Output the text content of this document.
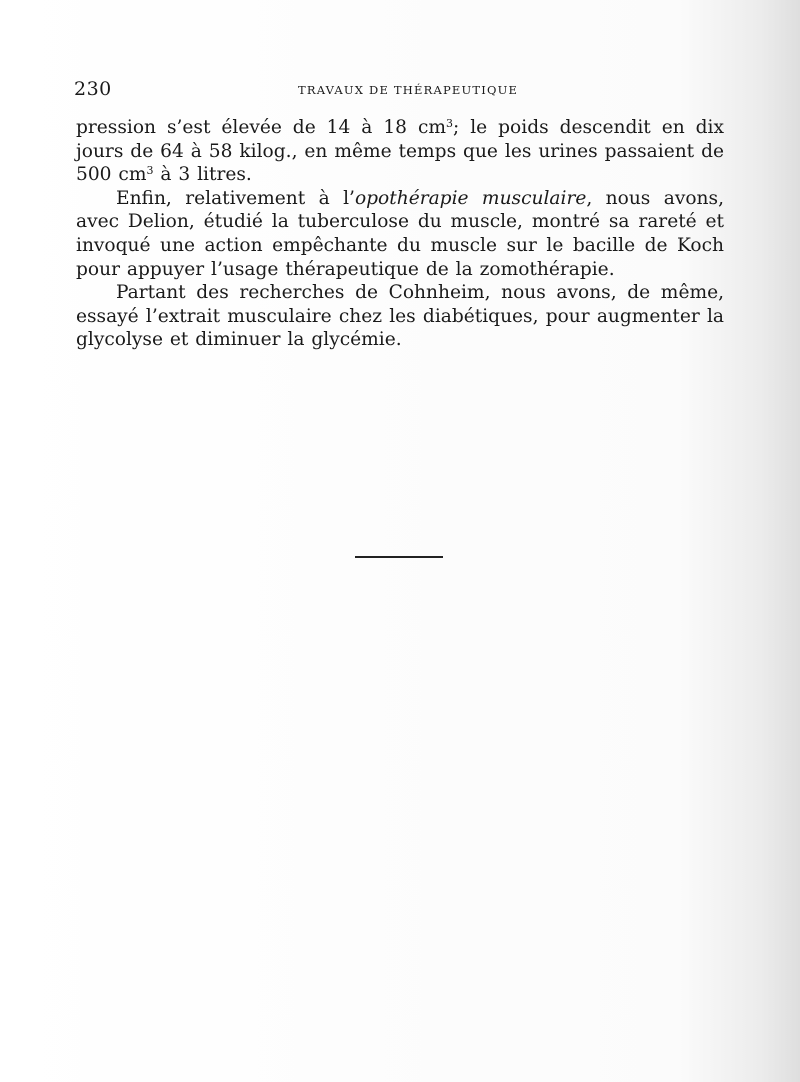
230	TRAVAUX DE THÉRAPEUTIQUE

pression s’est élevée de 14 à 18 $cm^3$; le poids descendit en dix jours de 64 à 58 kilog., en même temps que les urines passaient de 500 $cm^3$ à 3 litres.

Enfin, relativement à l’opothérapie musculaire, nous avons, avec Delion, étudié la tuberculose du muscle, montré sa rareté et invoqué une action empêchante du muscle sur le bacille de Koch pour appuyer l’usage thérapeutique de la zomothérapie.

Partant des recherches de Cohnheim, nous avons, de même, essayé l’extrait musculaire chez les diabétiques, pour augmenter la glycolyse et diminuer la glycémie.
